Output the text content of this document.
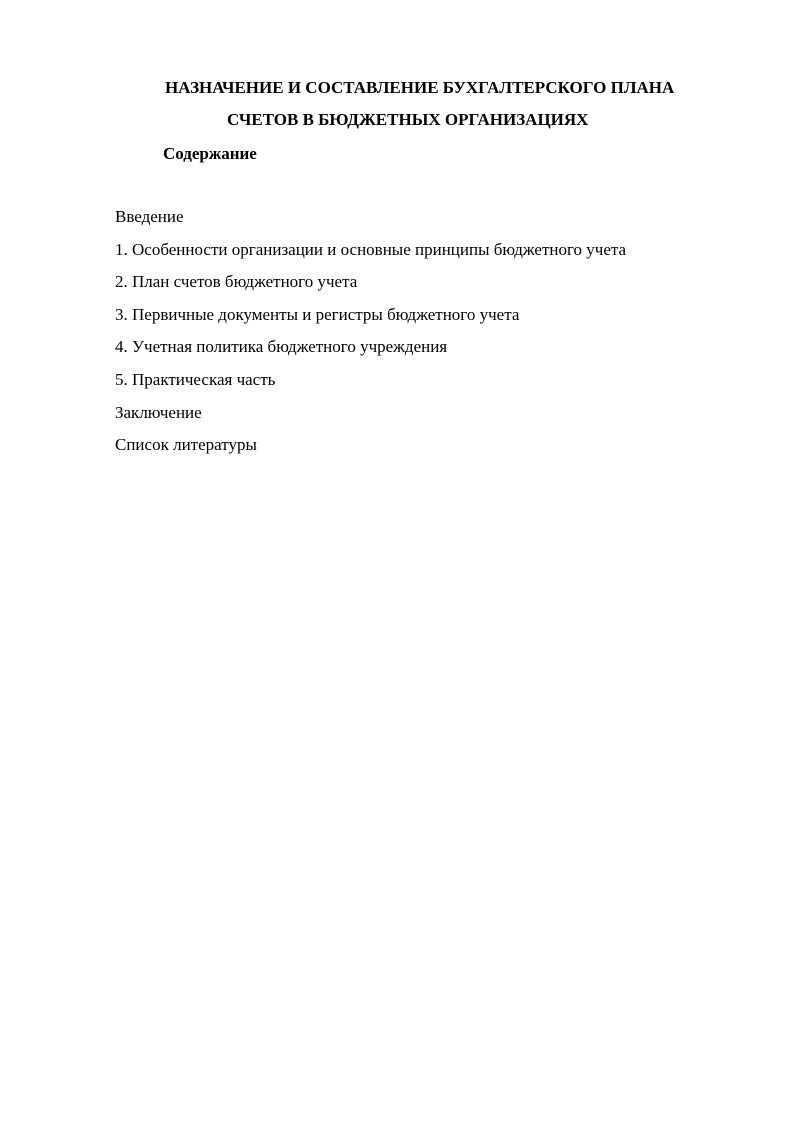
НАЗНАЧЕНИЕ И СОСТАВЛЕНИЕ БУХГАЛТЕРСКОГО ПЛАНА
СЧЕТОВ В БЮДЖЕТНЫХ ОРГАНИЗАЦИЯХ
Содержание
Введение
1. Особенности организации и основные принципы бюджетного учета
2. План счетов бюджетного учета
3. Первичные документы и регистры бюджетного учета
4. Учетная политика бюджетного учреждения
5. Практическая часть
Заключение
Список литературы
